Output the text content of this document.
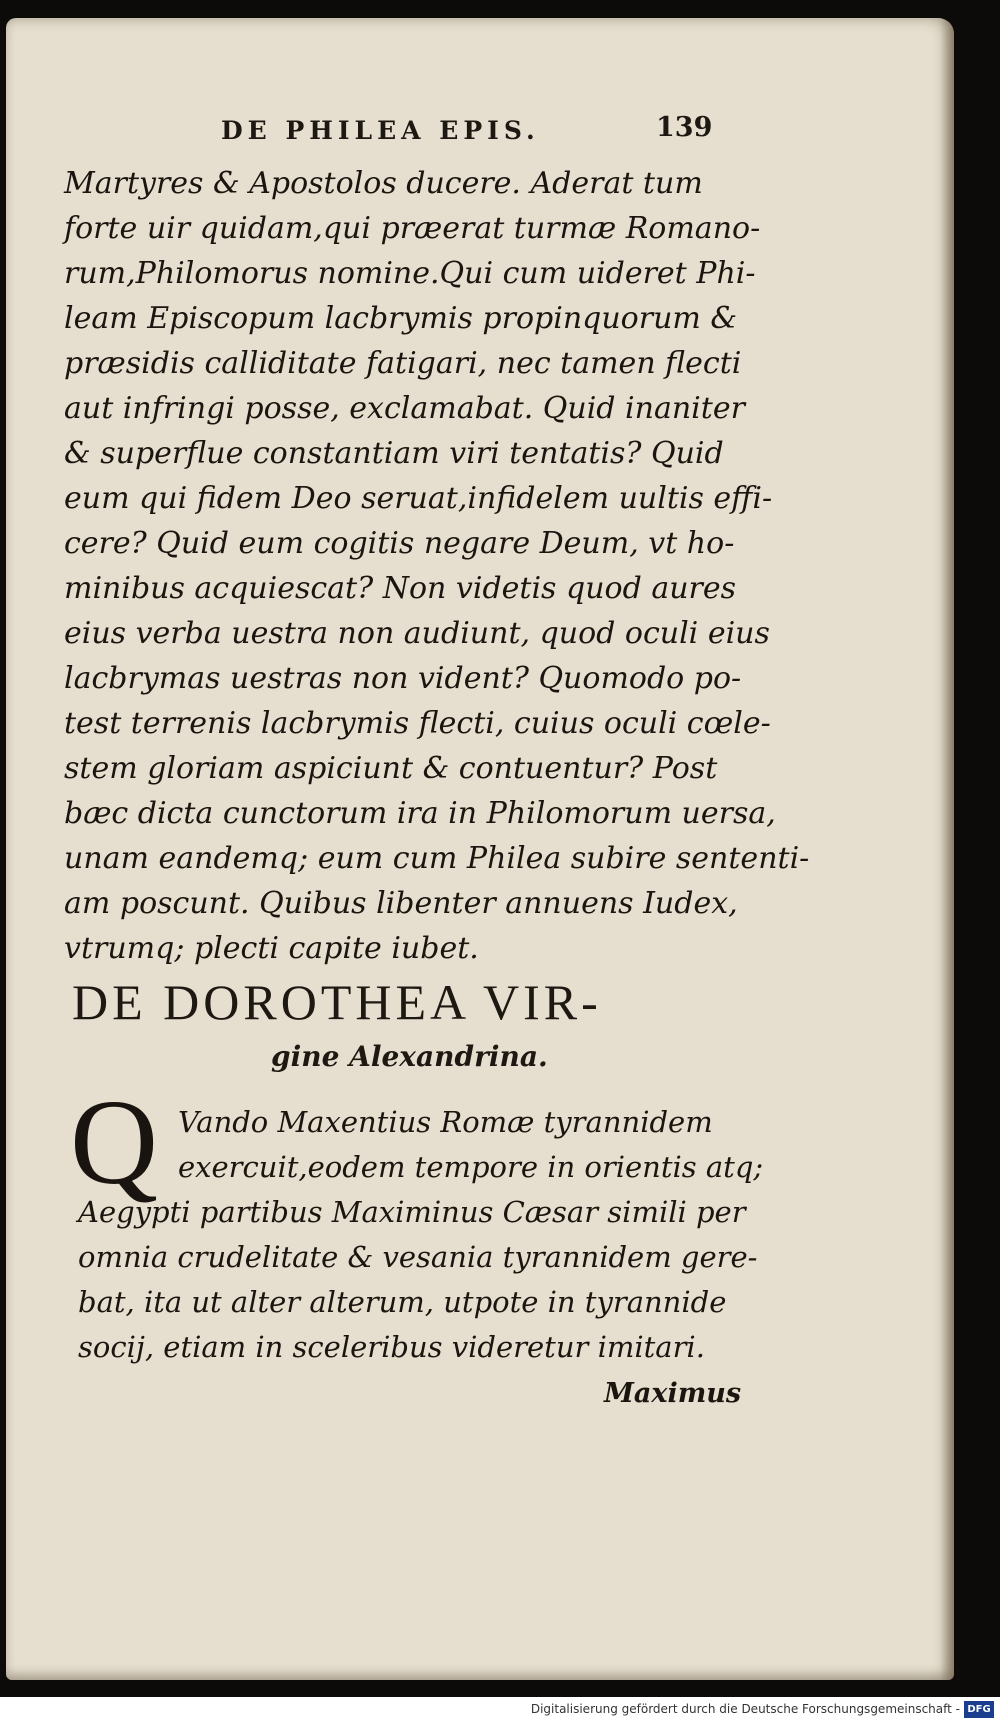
DE PHILEA EPIS.	139
Martyres & Apostolos ducere. Aderat tum
forte uir quidam,qui præerat turmæ Romano-
rum,Philomorus nomine.Qui cum uideret Phi-
leam Episcopum lacbrymis propinquorum &
præsidis calliditate fatigari, nec tamen flecti
aut infringi posse, exclamabat. Quid inaniter
& superflue constantiam viri tentatis? Quid
eum qui fidem Deo seruat,infidelem uultis effi-
cere? Quid eum cogitis negare Deum, vt ho-
minibus acquiescat? Non videtis quod aures
eius verba uestra non audiunt, quod oculi eius
lacbrymas uestras non vident? Quomodo po-
test terrenis lacbrymis flecti, cuius oculi cœle-
stem gloriam aspiciunt & contuentur? Post
bæc dicta cunctorum ira in Philomorum uersa,
unam eandemq; eum cum Philea subire sententi-
am poscunt. Quibus libenter annuens Iudex,
vtrumq; plecti capite iubet.
DE DOROTHEA VIR-
gine Alexandrina.
Q Vando Maxentius Romæ tyrannidem
exercuit,eodem tempore in orientis atq;
Aegypti partibus Maximinus Cæsar simili per
omnia crudelitate & vesania tyrannidem gere-
bat, ita ut alter alterum, utpote in tyrannide
socij, etiam in sceleribus videretur imitari.
Maximus
Digitalisierung gefördert durch die Deutsche Forschungsgemeinschaft - DFG
